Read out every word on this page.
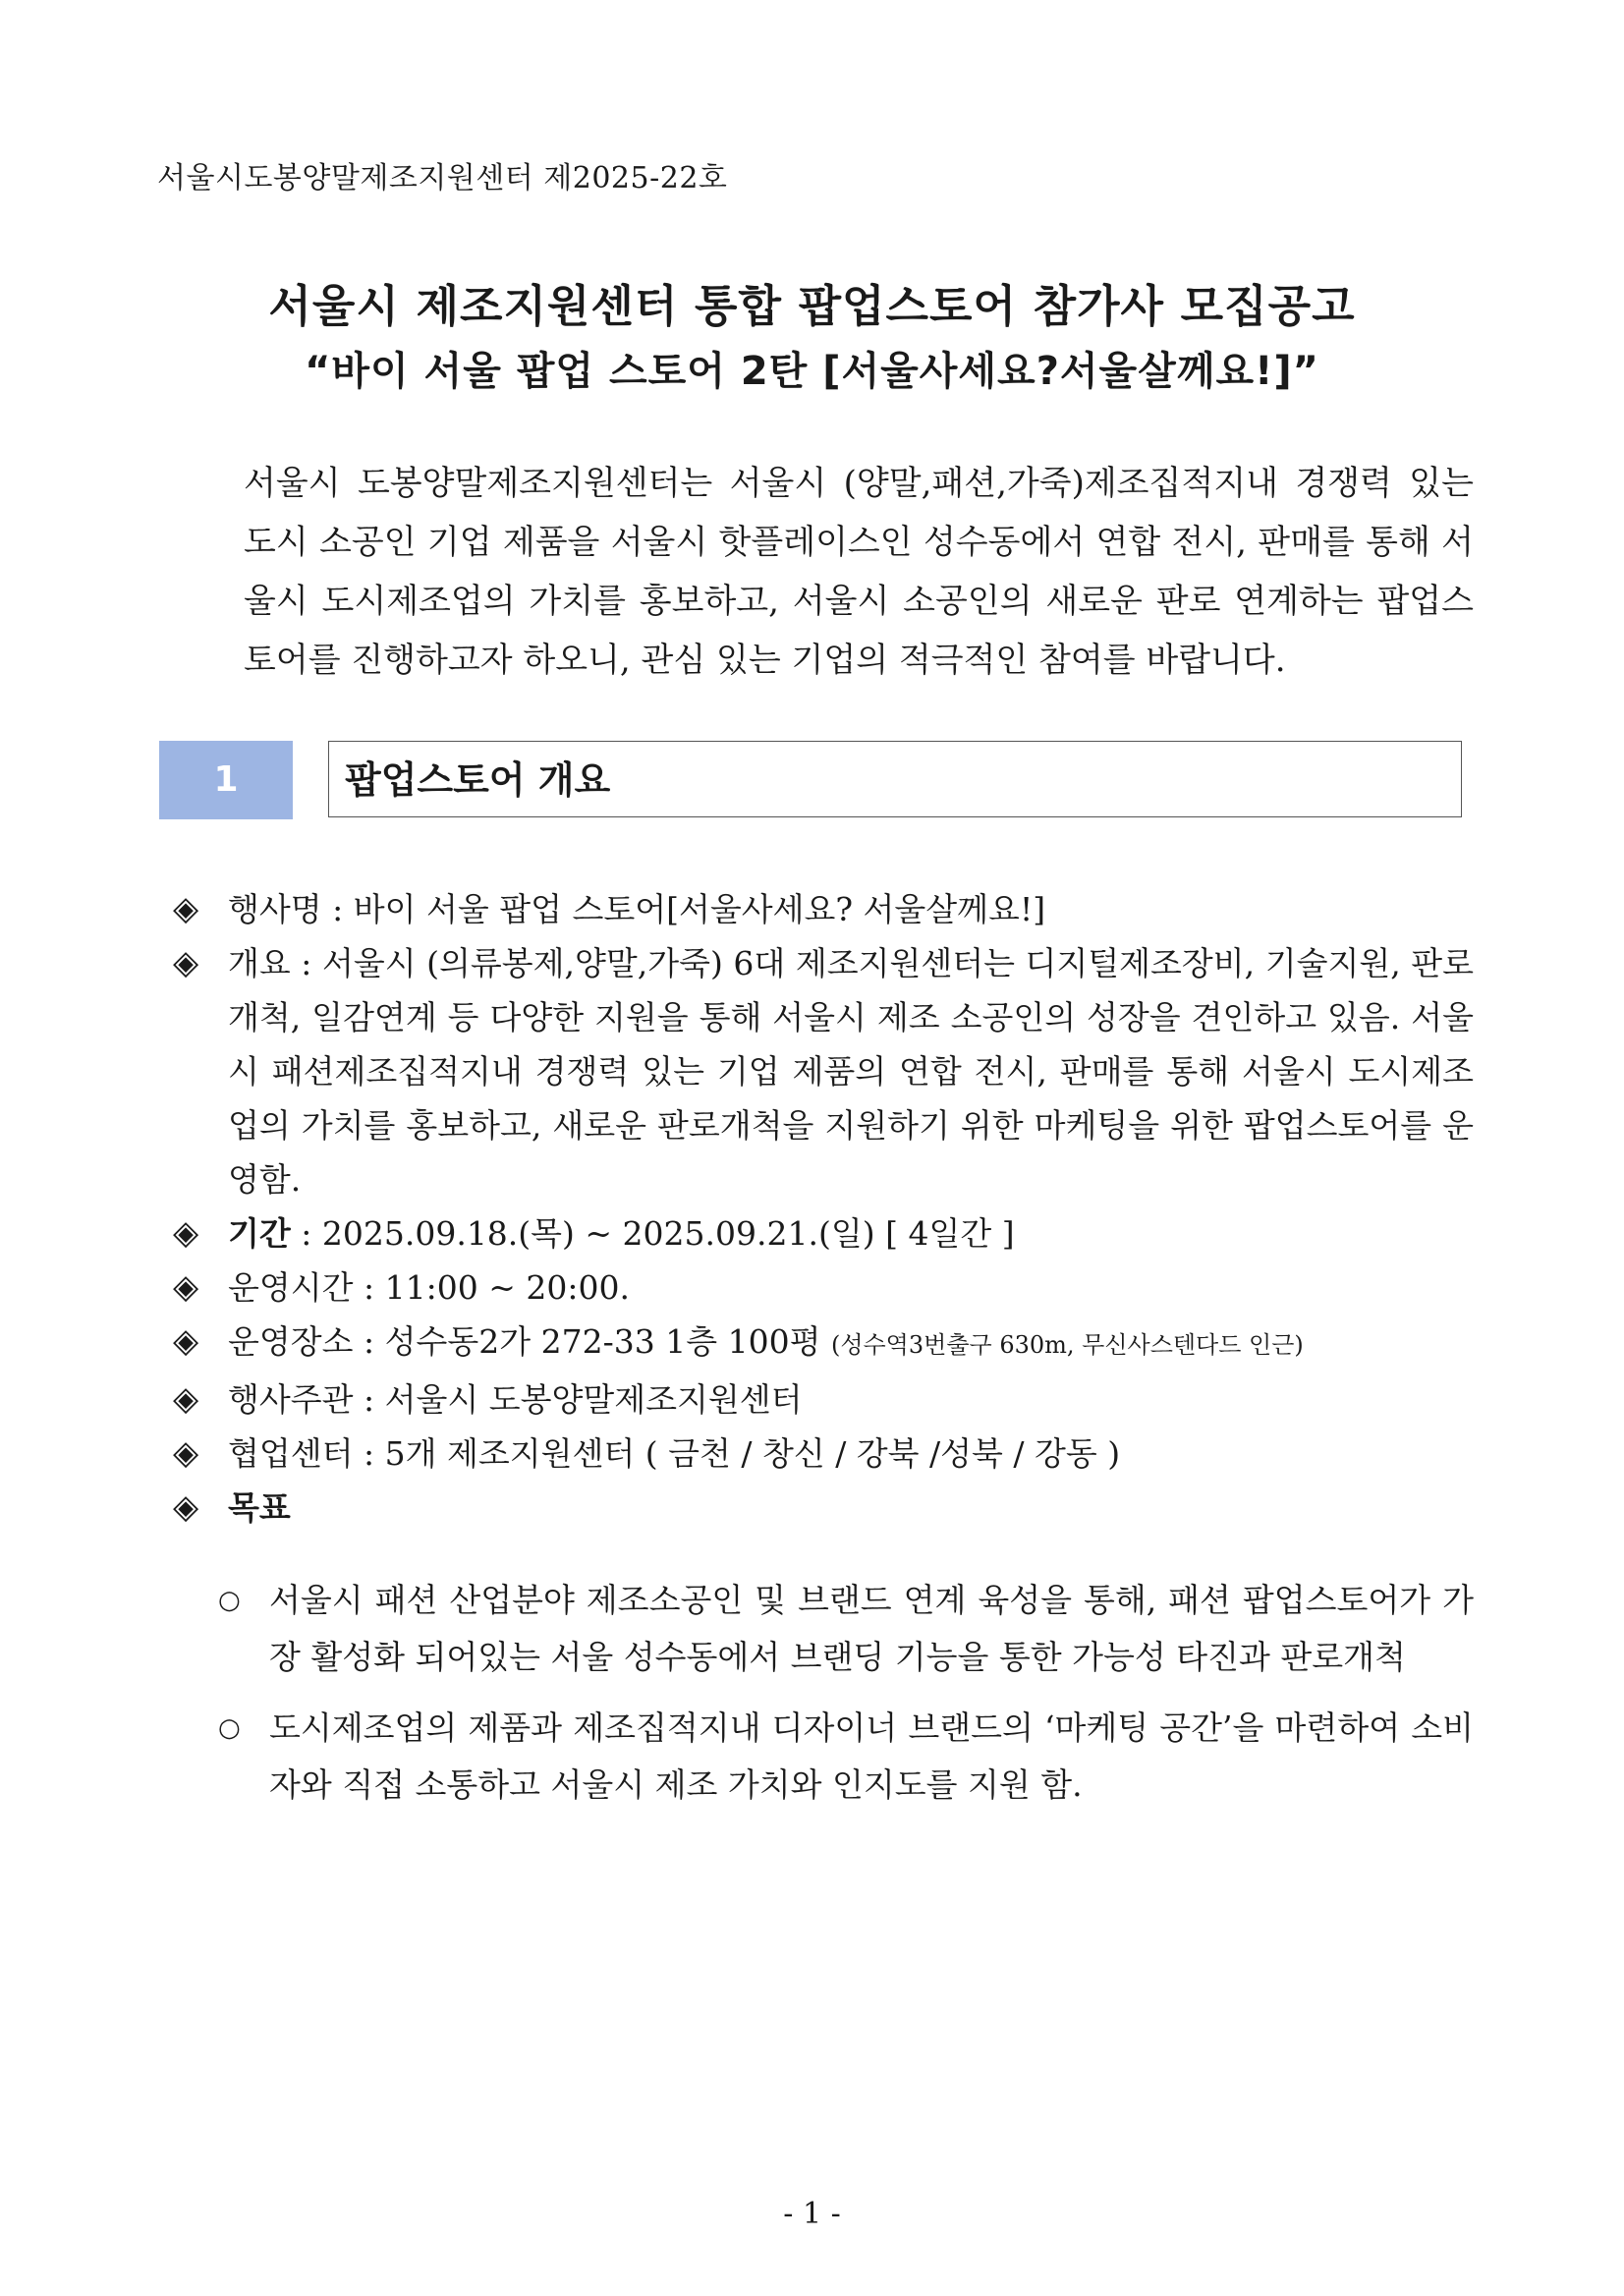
서울시도봉양말제조지원센터 제2025-22호
서울시 제조지원센터 통합 팝업스토어 참가사 모집공고
“바이 서울 팝업 스토어 2탄 [서울사세요?서울살께요!]”
서울시 도봉양말제조지원센터는 서울시 (양말,패션,가죽)제조집적지내 경쟁력 있는 도시 소공인 기업 제품을 서울시 핫플레이스인 성수동에서 연합 전시, 판매를 통해 서울시 도시제조업의 가치를 홍보하고, 서울시 소공인의 새로운 판로 연계하는 팝업스토어를 진행하고자 하오니, 관심 있는 기업의 적극적인 참여를 바랍니다.
1	팝업스토어 개요
◈ 행사명 : 바이 서울 팝업 스토어[서울사세요? 서울살께요!]
◈ 개요 : 서울시 (의류봉제,양말,가죽) 6대 제조지원센터는 디지털제조장비, 기술지원, 판로개척, 일감연계 등 다양한 지원을 통해 서울시 제조 소공인의 성장을 견인하고 있음. 서울시 패션제조집적지내 경쟁력 있는 기업 제품의 연합 전시, 판매를 통해 서울시 도시제조업의 가치를 홍보하고, 새로운 판로개척을 지원하기 위한 마케팅을 위한 팝업스토어를 운영함.
◈ 기간 : 2025.09.18.(목) ~ 2025.09.21.(일) [ 4일간 ]
◈ 운영시간 : 11:00 ~ 20:00.
◈ 운영장소 : 성수동2가 272-33 1층 100평 (성수역3번출구 630m, 무신사스텐다드 인근)
◈ 행사주관 : 서울시 도봉양말제조지원센터
◈ 협업센터 : 5개 제조지원센터 ( 금천 / 창신 / 강북 /성북 / 강동 )
◈ 목표
○ 서울시 패션 산업분야 제조소공인 및 브랜드 연계 육성을 통해, 패션 팝업스토어가 가장 활성화 되어있는 서울 성수동에서 브랜딩 기능을 통한 가능성 타진과 판로개척
○ 도시제조업의 제품과 제조집적지내 디자이너 브랜드의 ‘마케팅 공간’을 마련하여 소비자와 직접 소통하고 서울시 제조 가치와 인지도를 지원 함.
- 1 -
